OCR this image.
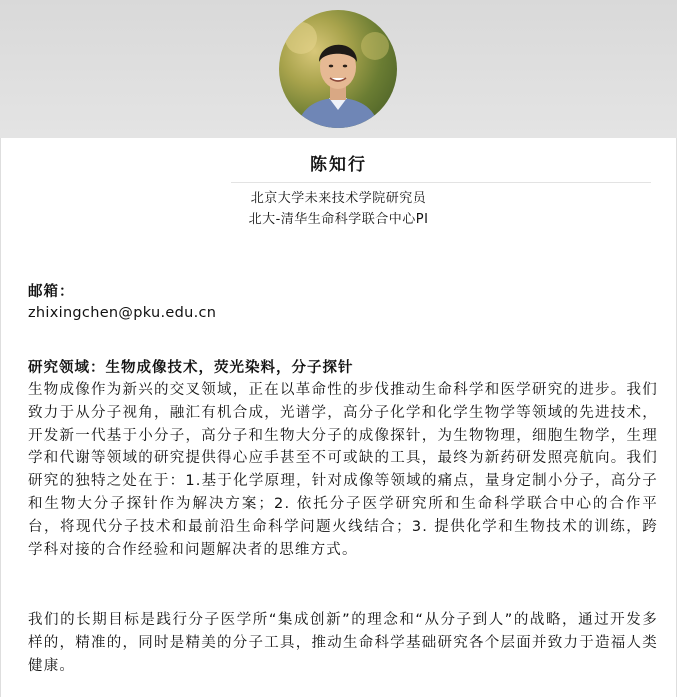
陈知行
北京大学未来技术学院研究员
北大-清华生命科学联合中心PI
邮箱：
zhixingchen@pku.edu.cn
研究领域：生物成像技术，荧光染料，分子探针
生物成像作为新兴的交叉领域，正在以革命性的步伐推动生命科学和医学研究的进步。我们致力于从分子视角，融汇有机合成，光谱学，高分子化学和化学生物学等领域的先进技术，开发新一代基于小分子，高分子和生物大分子的成像探针，为生物物理，细胞生物学，生理学和代谢等领域的研究提供得心应手甚至不可或缺的工具，最终为新药研发照亮航向。我们研究的独特之处在于：1.基于化学原理，针对成像等领域的痛点，量身定制小分子，高分子和生物大分子探针作为解决方案；2. 依托分子医学研究所和生命科学联合中心的合作平台，将现代分子技术和最前沿生命科学问题火线结合；3. 提供化学和生物技术的训练，跨学科对接的合作经验和问题解决者的思维方式。
我们的长期目标是践行分子医学所“集成创新”的理念和“从分子到人”的战略，通过开发多样的，精准的，同时是精美的分子工具，推动生命科学基础研究各个层面并致力于造福人类健康。
